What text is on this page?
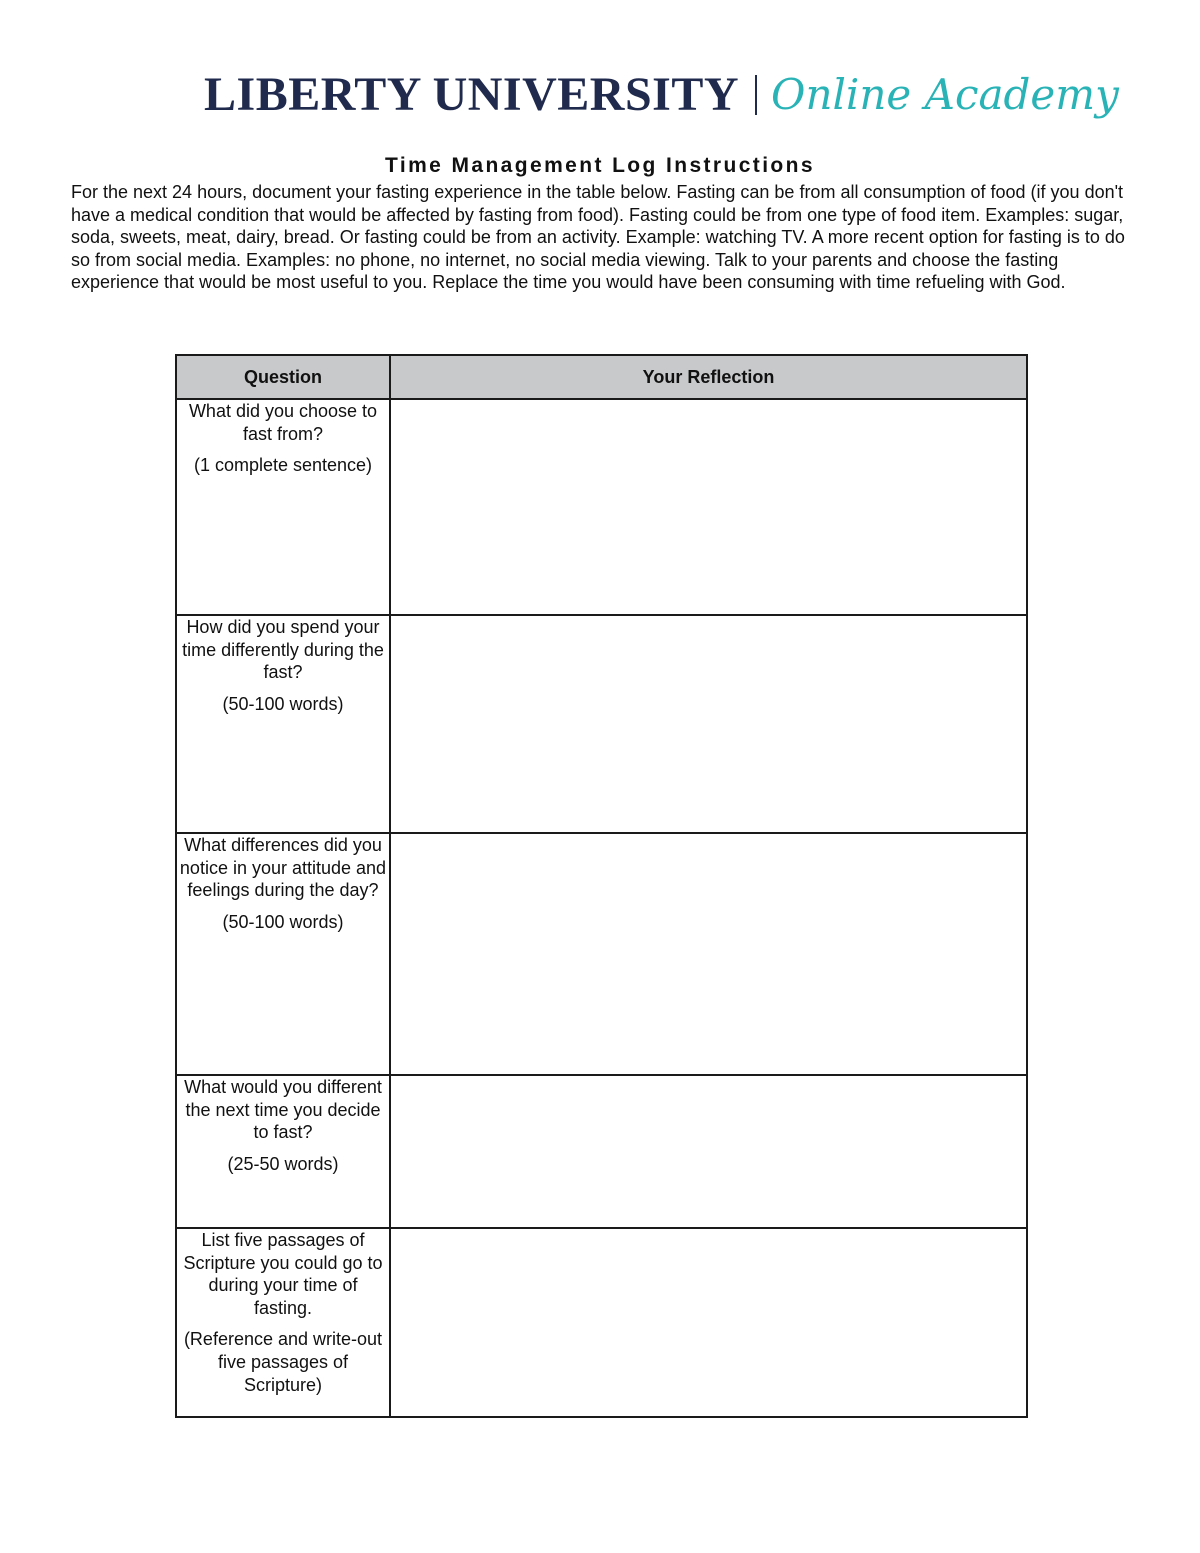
LIBERTY UNIVERSITY Online Academy
Time Management Log Instructions

For the next 24 hours, document your fasting experience in the table below. Fasting can be from all consumption of food (if you don't have a medical condition that would be affected by fasting from food). Fasting could be from one type of food item. Examples: sugar, soda, sweets, meat, dairy, bread. Or fasting could be from an activity. Example: watching TV. A more recent option for fasting is to do so from social media. Examples: no phone, no internet, no social media viewing. Talk to your parents and choose the fasting experience that would be most useful to you. Replace the time you would have been consuming with time refueling with God.

Question	Your Reflection

What did you choose to fast from?
(1 complete sentence)	

How did you spend your time differently during the fast?
(50-100 words)	

What differences did you notice in your attitude and feelings during the day?
(50-100 words)	

What would you different the next time you decide to fast?
(25-50 words)	

List five passages of Scripture you could go to during your time of fasting.
(Reference and write-out five passages of Scripture)	
